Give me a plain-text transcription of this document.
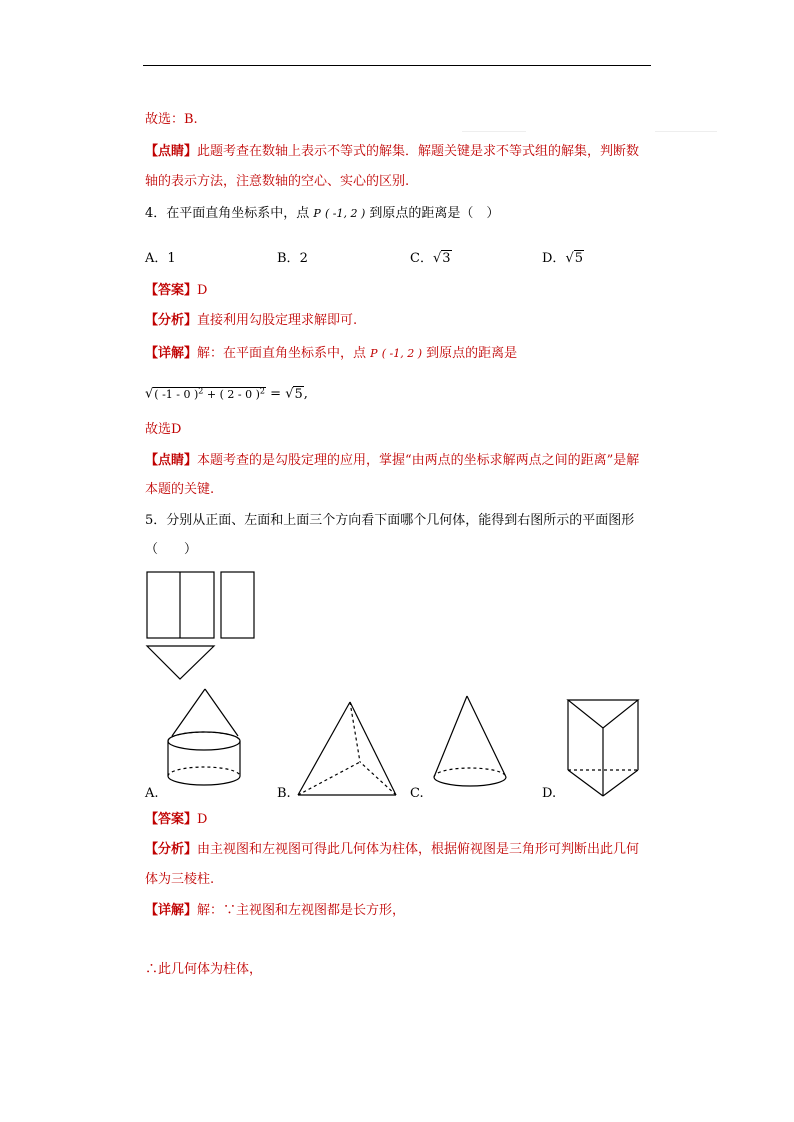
故选：B.
【点睛】此题考查在数轴上表示不等式的解集．解题关键是求不等式组的解集，判断数
轴的表示方法，注意数轴的空心、实心的区别.
4．在平面直角坐标系中，点 P ( -1, 2 ) 到原点的距离是（　）
A．1	B．2	C．√3	D．√5
【答案】D
【分析】直接利用勾股定理求解即可.
【详解】解：在平面直角坐标系中，点 P ( -1, 2 ) 到原点的距离是
√( -1 - 0 )$^2$ + ( 2 - 0 )$^2$ = √5,
故选D
【点睛】本题考查的是勾股定理的应用，掌握“由两点的坐标求解两点之间的距离”是解
本题的关键.
5．分别从正面、左面和上面三个方向看下面哪个几何体，能得到右图所示的平面图形
（　　）
A.	B.	C.	D.
【答案】D
【分析】由主视图和左视图可得此几何体为柱体，根据俯视图是三角形可判断出此几何
体为三棱柱.
【详解】解：∵主视图和左视图都是长方形，
∴此几何体为柱体，
